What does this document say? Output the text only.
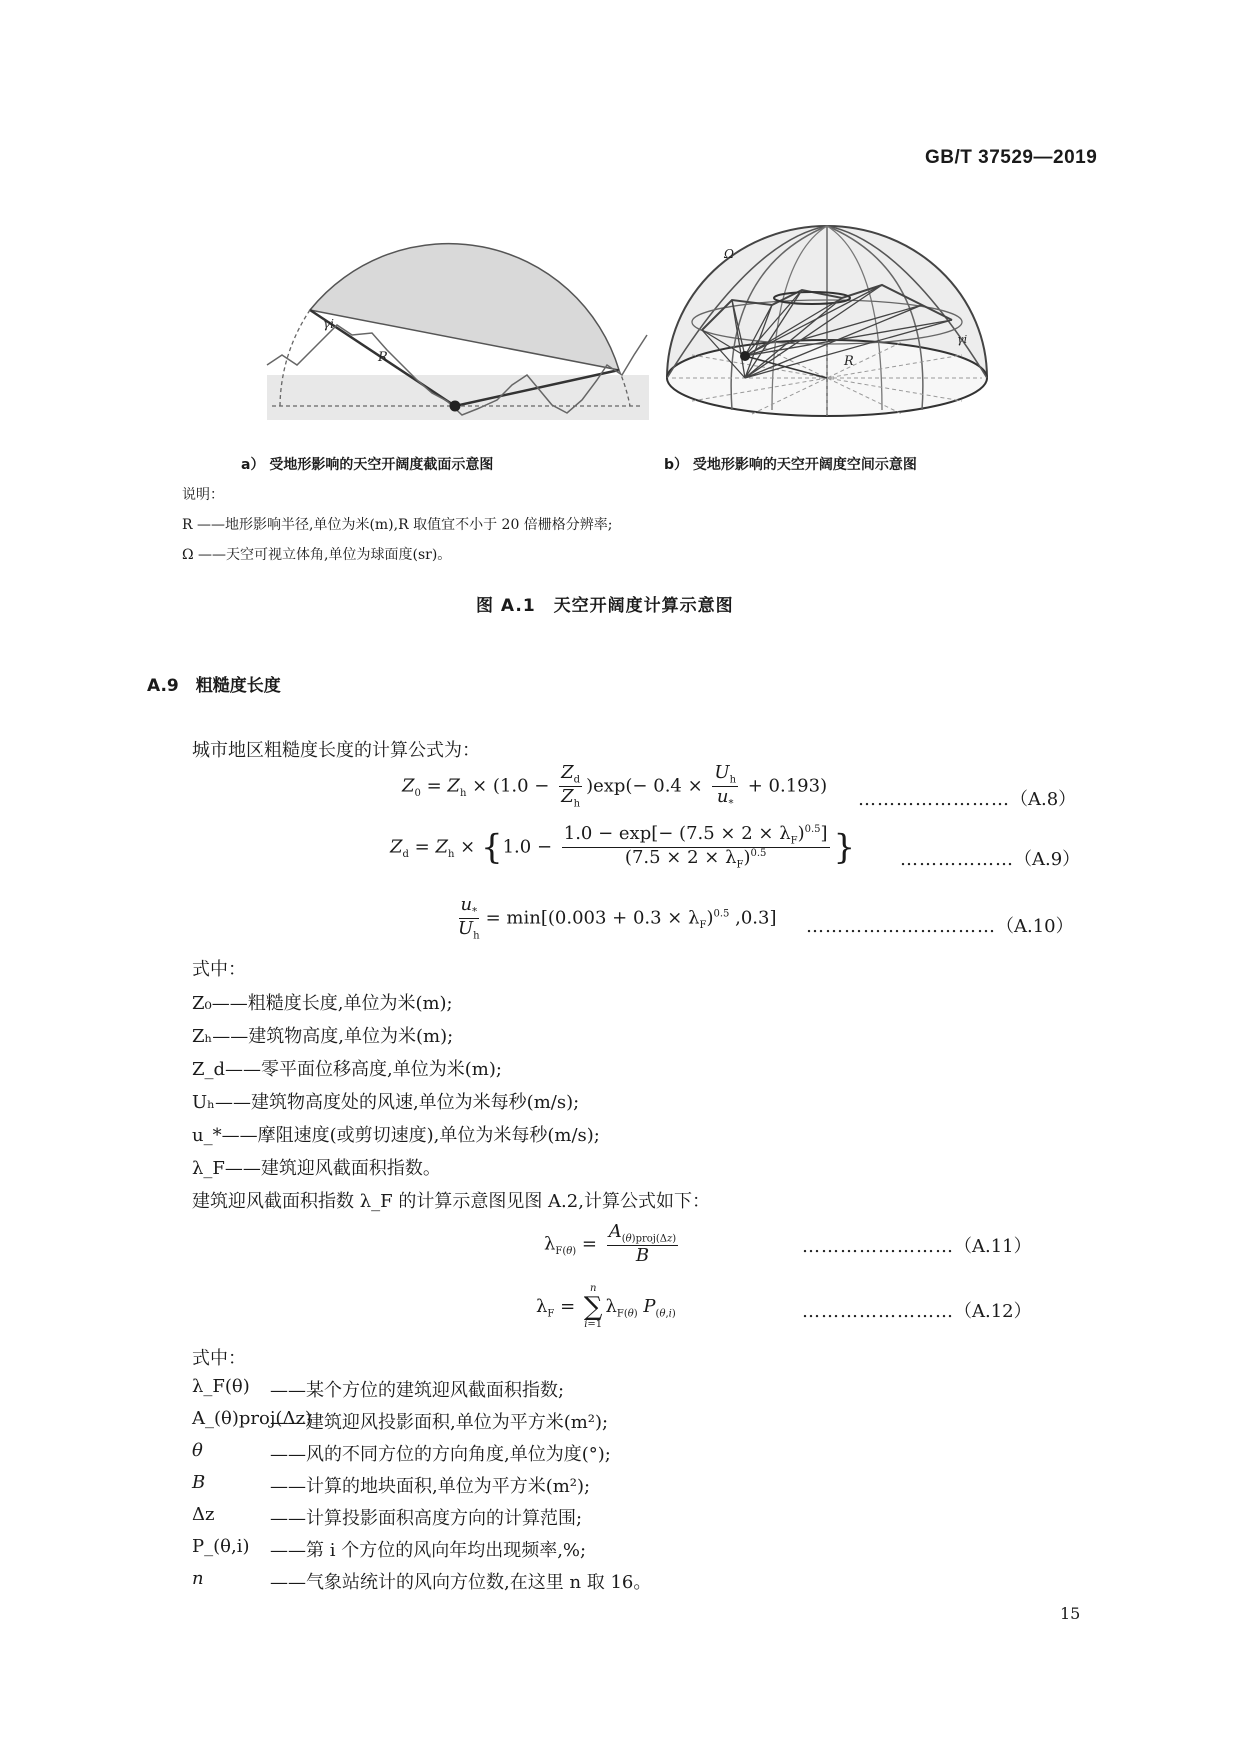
GB/T 37529—2019
γi
R
Ω
R
γi
a） 受地形影响的天空开阔度截面示意图	b） 受地形影响的天空开阔度空间示意图
说明：
R ——地形影响半径,单位为米(m),R 取值宜不小于 20 倍栅格分辨率;
Ω ——天空可视立体角,单位为球面度(sr)。
图 A.1　天空开阔度计算示意图
A.9　粗糙度长度
城市地区粗糙度长度的计算公式为：
$Z_0 = Z_h \times (1.0 - \frac{Z_d}{Z_h} )\exp(- 0.4 \times \frac{U_h}{u_*} + 0.193)$
……………………（A.8）
$Z_d = Z_h \times \{1.0 - \frac{1.0 - \exp[- (7.5 \times 2 \times \lambda_F)^{0.5}]}{(7.5 \times 2 \times \lambda_F)^{0.5}}$ } ………………（A.9）
$\frac{u_*}{U_h} = \min[(0.003 + 0.3 \times \lambda_F)^{0.5}$ ,0.3] …………………………（A.10）
式中：
Z₀——粗糙度长度,单位为米(m);
Zₕ——建筑物高度,单位为米(m);
Z_d——零平面位移高度,单位为米(m);
Uₕ——建筑物高度处的风速,单位为米每秒(m/s);
u_*——摩阻速度(或剪切速度),单位为米每秒(m/s);
λ_F——建筑迎风截面积指数。
建筑迎风截面积指数 λ_F 的计算示意图见图 A.2,计算公式如下：
$\lambda_{F(\theta)} = \frac{A_{(\theta)proj(\Delta z)}}{B}$	……………………（A.11）
$\lambda_F$ =
n
∑
i=1
$\lambda_{F(\theta)}$ $P_{(\theta,i)}$	……………………（A.12）
式中：
λ_F(θ) ——某个方位的建筑迎风截面积指数;
A_(θ)proj(Δz)
——建筑迎风投影面积,单位为平方米(m²);
θ	——风的不同方位的方向角度,单位为度(°);
B	——计算的地块面积,单位为平方米(m²);
Δz	——计算投影面积高度方向的计算范围;
P_(θ,i) ——第 i 个方位的风向年均出现频率,%;
n	——气象站统计的风向方位数,在这里 n 取 16。
15
